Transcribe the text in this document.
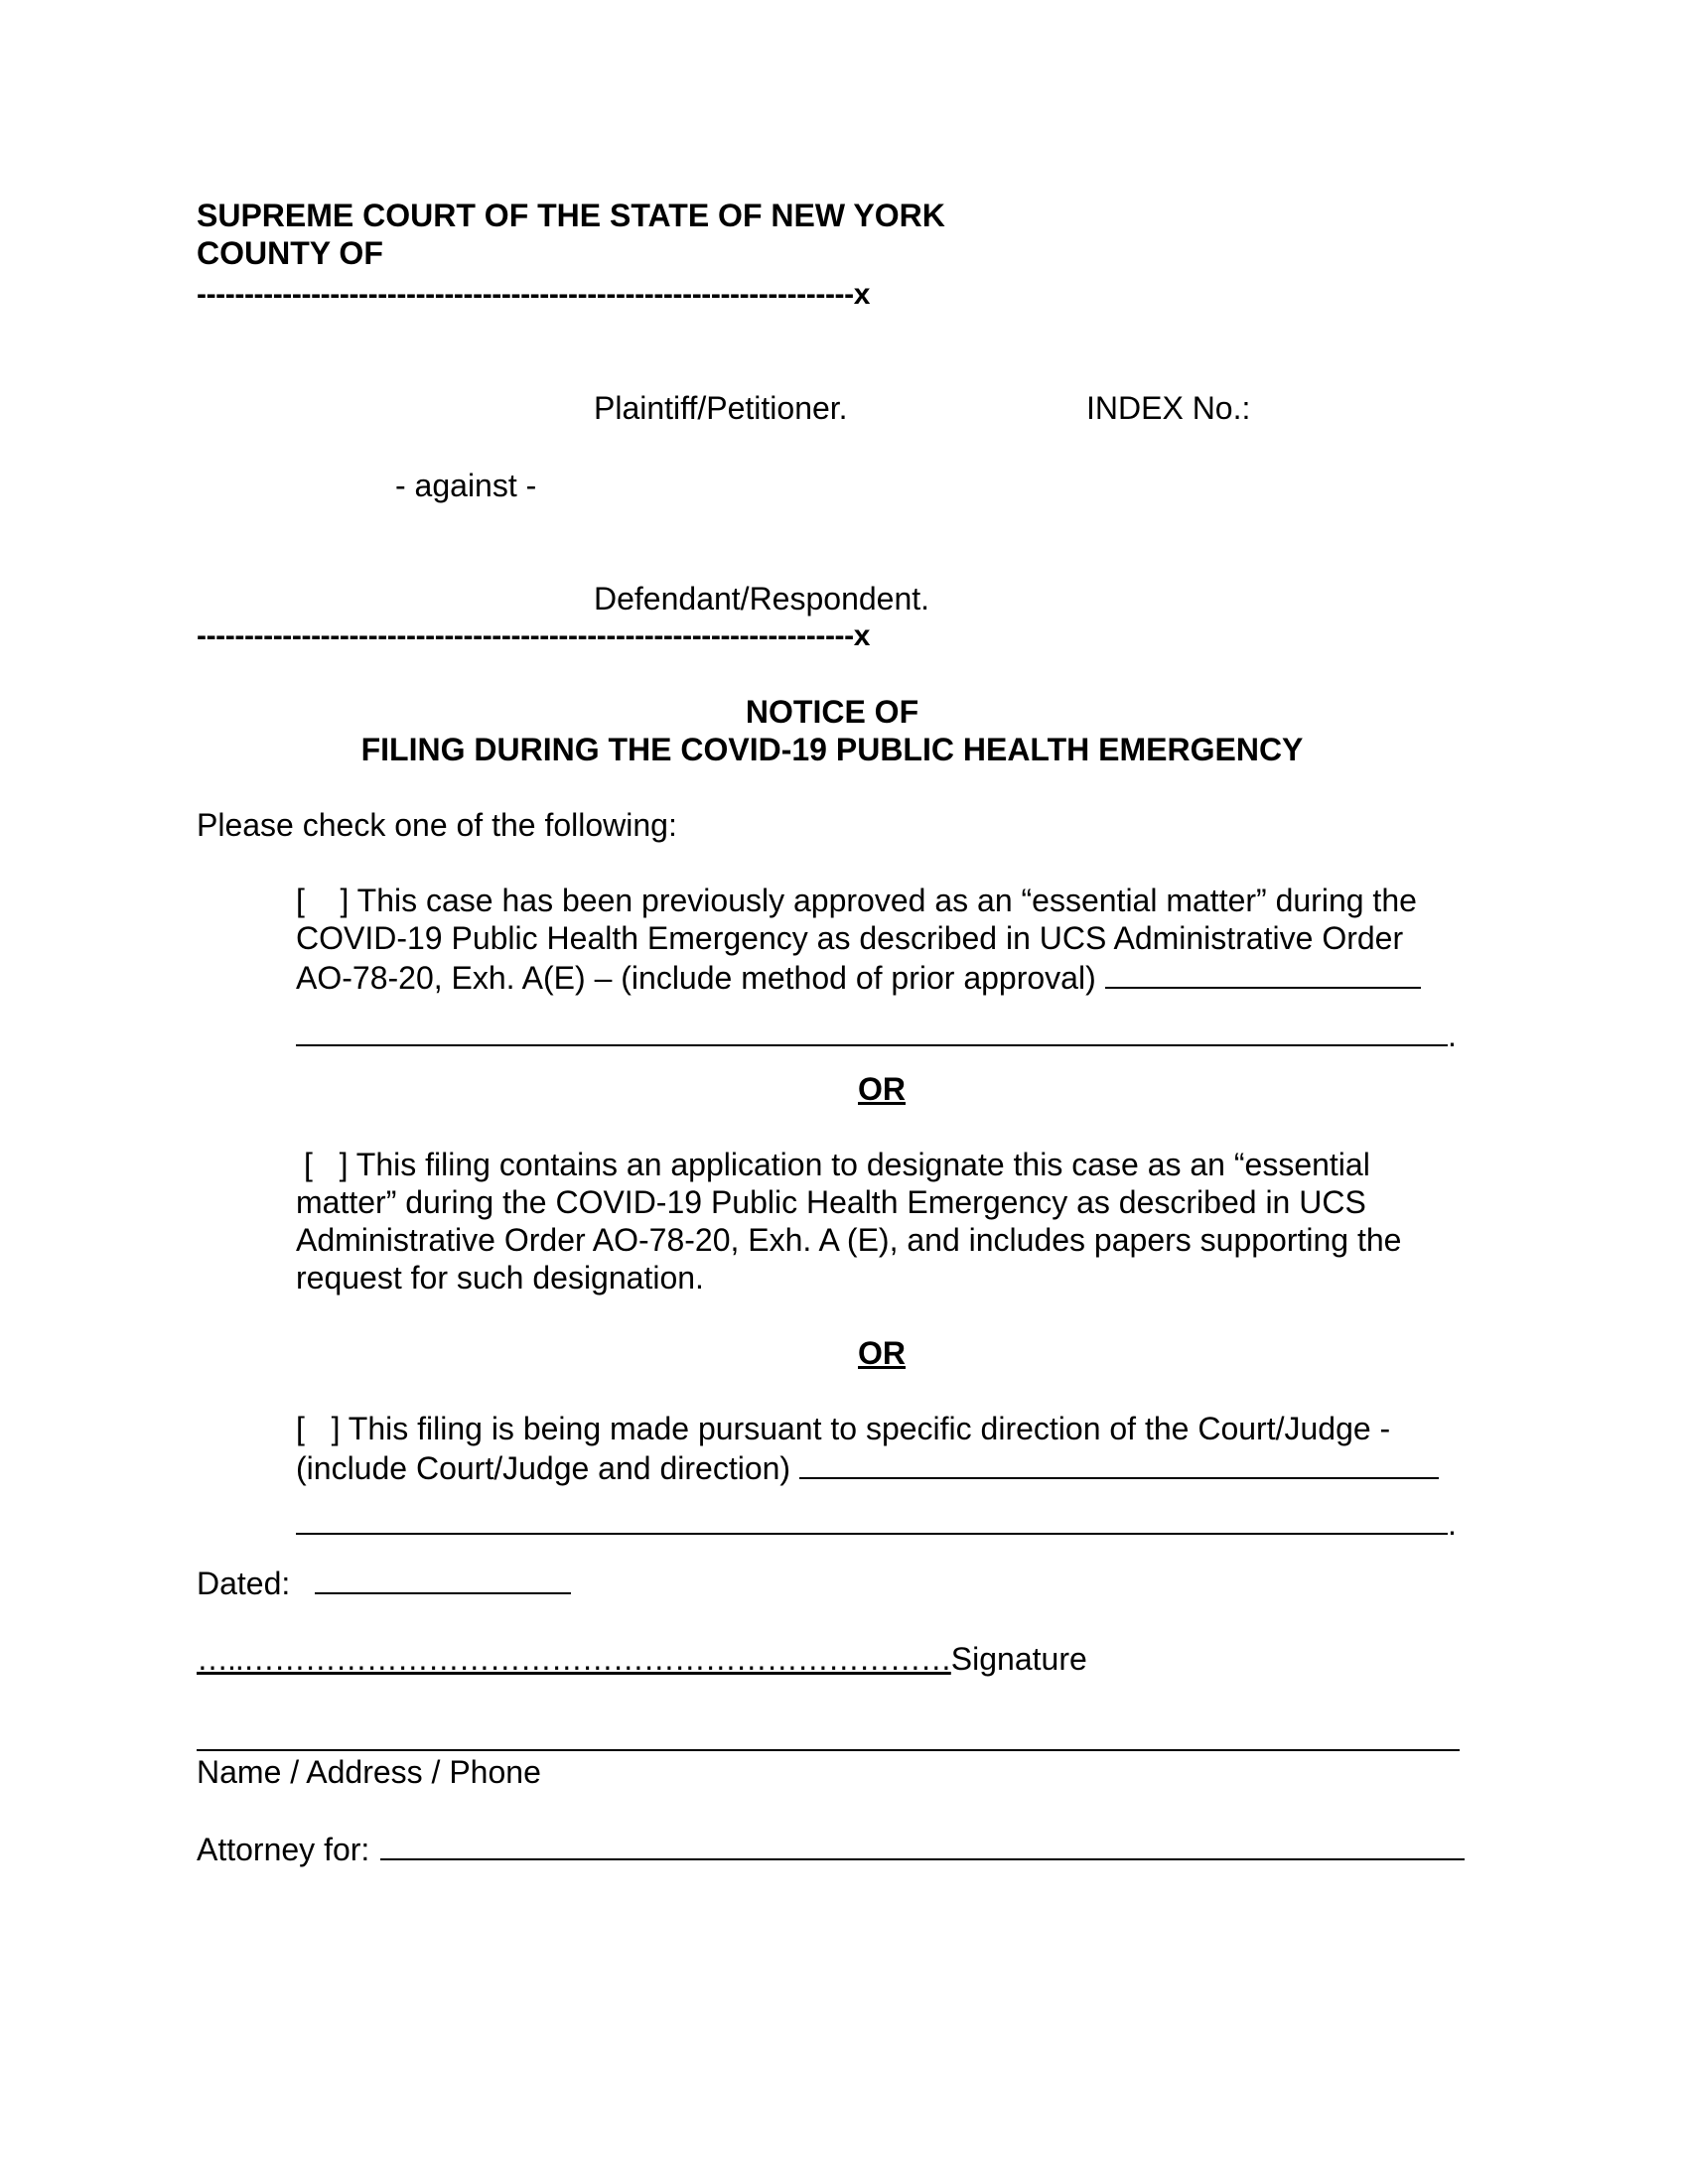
SUPREME COURT OF THE STATE OF NEW YORK
COUNTY OF
---------------------------------------------------------------------x
Plaintiff/Petitioner.	INDEX No.:
- against -
Defendant/Respondent.
---------------------------------------------------------------------x
NOTICE OF
FILING DURING THE COVID-19 PUBLIC HEALTH EMERGENCY
Please check one of the following:
[    ] This case has been previously approved as an “essential matter” during the
COVID-19 Public Health Emergency as described in UCS Administrative Order
AO-78-20, Exh. A(E) – (include method of prior approval)
.
OR
[   ] This filing contains an application to designate this case as an “essential
matter” during the COVID-19 Public Health Emergency as described in UCS
Administrative Order AO-78-20, Exh. A (E), and includes papers supporting the
request for such designation.
OR
[   ] This filing is being made pursuant to specific direction of the Court/Judge -
(include Court/Judge and direction)
.
Dated:
…..……………………………………………………………Signature
Name / Address / Phone
Attorney for:
